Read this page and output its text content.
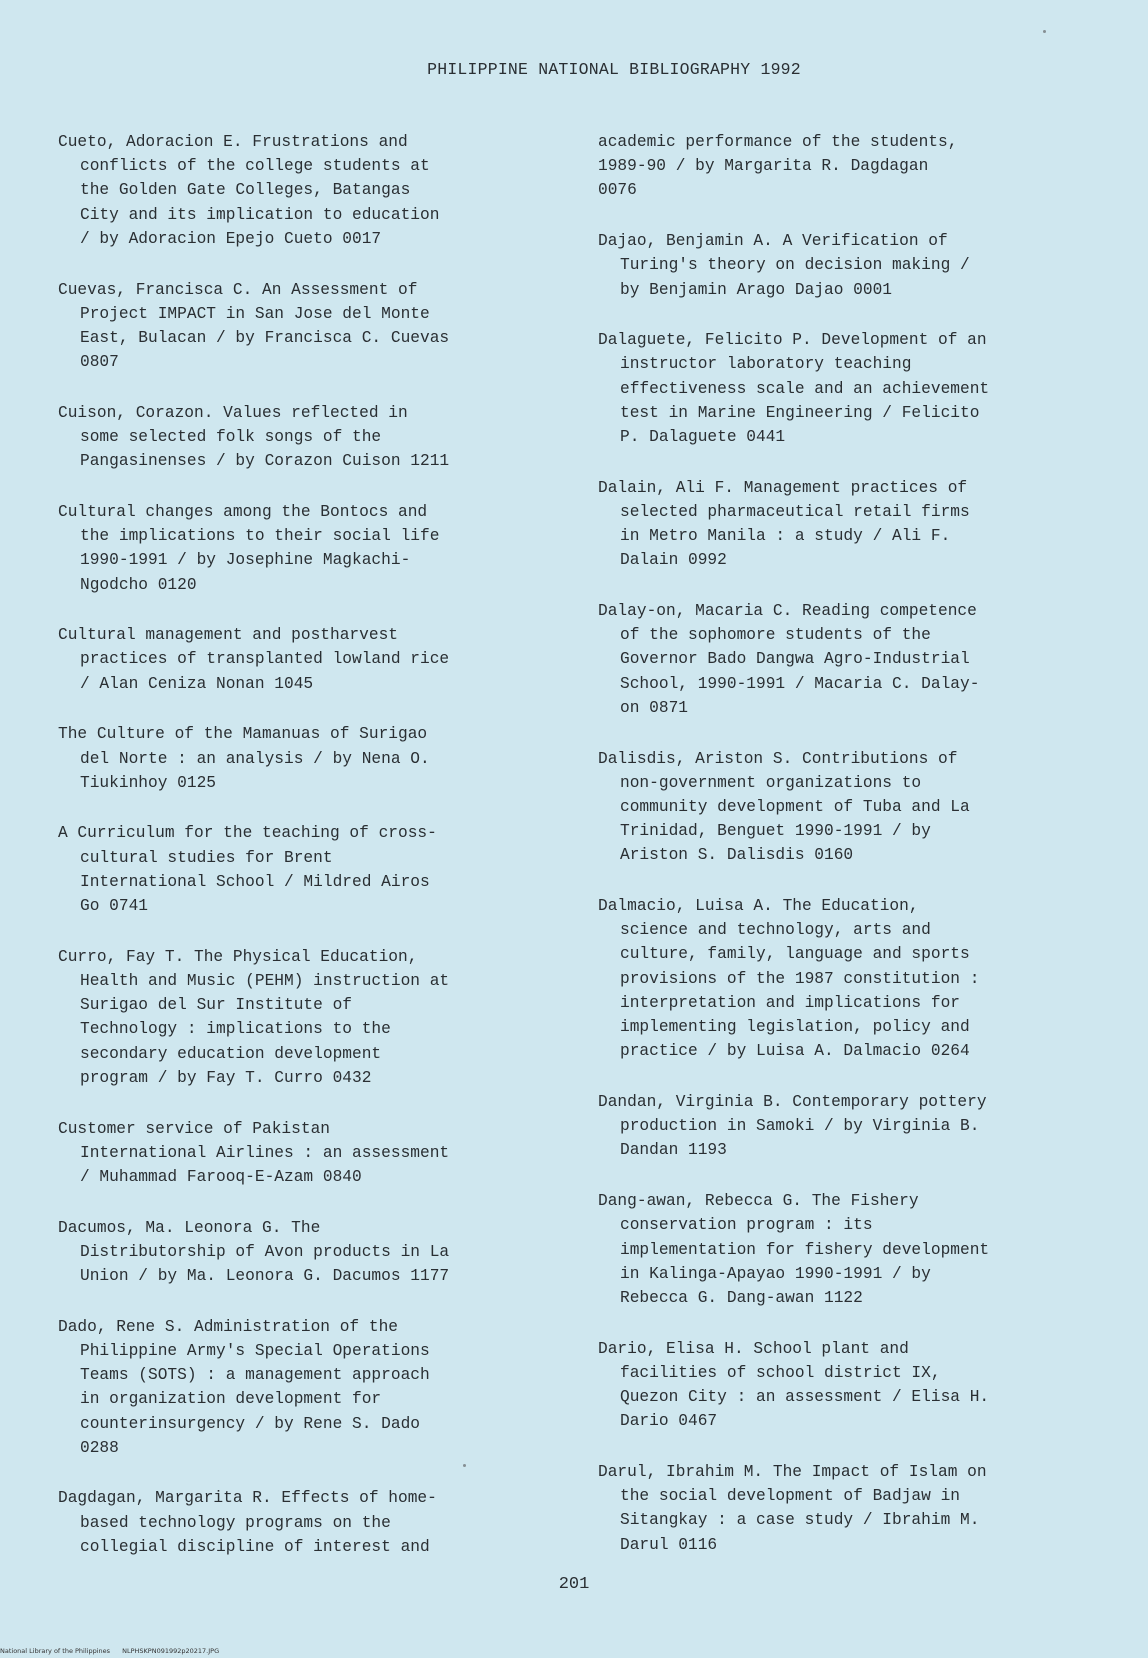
PHILIPPINE NATIONAL BIBLIOGRAPHY 1992

Cueto, Adoracion E. Frustrations and
conflicts of the college students at
the Golden Gate Colleges, Batangas
City and its implication to education
/ by Adoracion Epejo Cueto 0017

Cuevas, Francisca C. An Assessment of
Project IMPACT in San Jose del Monte
East, Bulacan / by Francisca C. Cuevas
0807

Cuison, Corazon. Values reflected in
some selected folk songs of the
Pangasinenses / by Corazon Cuison 1211

Cultural changes among the Bontocs and
the implications to their social life
1990-1991 / by Josephine Magkachi-
Ngodcho 0120

Cultural management and postharvest
practices of transplanted lowland rice
/ Alan Ceniza Nonan 1045

The Culture of the Mamanuas of Surigao
del Norte : an analysis / by Nena O.
Tiukinhoy 0125

A Curriculum for the teaching of cross-
cultural studies for Brent
International School / Mildred Airos
Go 0741

Curro, Fay T. The Physical Education,
Health and Music (PEHM) instruction at
Surigao del Sur Institute of
Technology : implications to the
secondary education development
program / by Fay T. Curro 0432

Customer service of Pakistan
International Airlines : an assessment
/ Muhammad Farooq-E-Azam 0840

Dacumos, Ma. Leonora G. The
Distributorship of Avon products in La
Union / by Ma. Leonora G. Dacumos 1177

Dado, Rene S. Administration of the
Philippine Army's Special Operations
Teams (SOTS) : a management approach
in organization development for
counterinsurgency / by Rene S. Dado
0288

Dagdagan, Margarita R. Effects of home-
based technology programs on the
collegial discipline of interest and

academic performance of the students,
1989-90 / by Margarita R. Dagdagan
0076

Dajao, Benjamin A. A Verification of
Turing's theory on decision making /
by Benjamin Arago Dajao 0001

Dalaguete, Felicito P. Development of an
instructor laboratory teaching
effectiveness scale and an achievement
test in Marine Engineering / Felicito
P. Dalaguete 0441

Dalain, Ali F. Management practices of
selected pharmaceutical retail firms
in Metro Manila : a study / Ali F.
Dalain 0992

Dalay-on, Macaria C. Reading competence
of the sophomore students of the
Governor Bado Dangwa Agro-Industrial
School, 1990-1991 / Macaria C. Dalay-
on 0871

Dalisdis, Ariston S. Contributions of
non-government organizations to
community development of Tuba and La
Trinidad, Benguet 1990-1991 / by
Ariston S. Dalisdis 0160

Dalmacio, Luisa A. The Education,
science and technology, arts and
culture, family, language and sports
provisions of the 1987 constitution :
interpretation and implications for
implementing legislation, policy and
practice / by Luisa A. Dalmacio 0264

Dandan, Virginia B. Contemporary pottery
production in Samoki / by Virginia B.
Dandan 1193

Dang-awan, Rebecca G. The Fishery
conservation program : its
implementation for fishery development
in Kalinga-Apayao 1990-1991 / by
Rebecca G. Dang-awan 1122

Dario, Elisa H. School plant and
facilities of school district IX,
Quezon City : an assessment / Elisa H.
Dario 0467

Darul, Ibrahim M. The Impact of Islam on
the social development of Badjaw in
Sitangkay : a case study / Ibrahim M.
Darul 0116

201
National Library of the Philippines NLPHSKPN091992p20217.JPG
